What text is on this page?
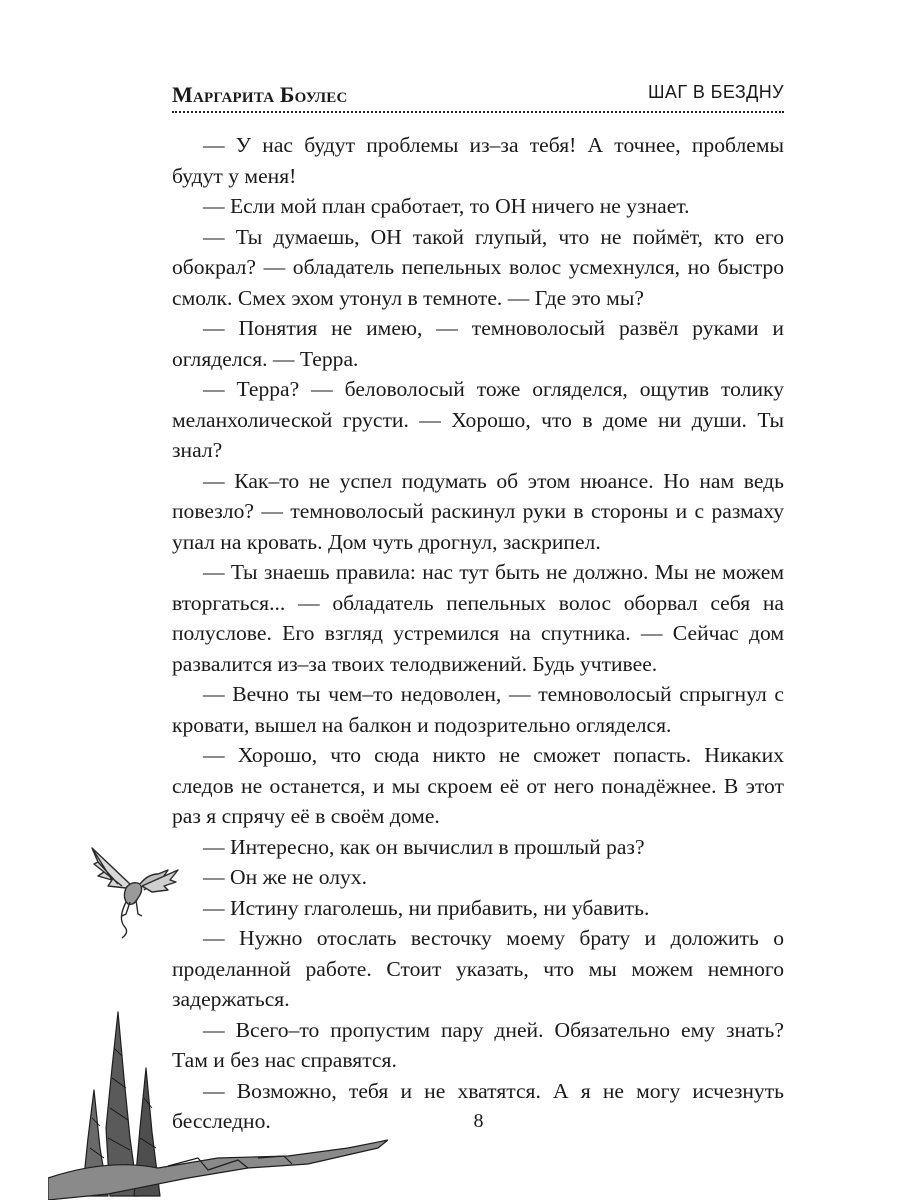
Маргарита Боулес	ШАГ В БЕЗДНУ

— У нас будут проблемы из–за тебя! А точнее, проблемы будут у меня!

— Если мой план сработает, то ОН ничего не узнает.

— Ты думаешь, ОН такой глупый, что не поймёт, кто его обокрал? — обладатель пепельных волос усмехнулся, но быстро смолк. Смех эхом утонул в темноте. — Где это мы?

— Понятия не имею, — темноволосый развёл руками и огляделся. — Терра.

— Терра? — беловолосый тоже огляделся, ощутив толику меланхолической грусти. — Хорошо, что в доме ни души. Ты знал?

— Как–то не успел подумать об этом нюансе. Но нам ведь повезло? — темноволосый раскинул руки в стороны и с размаху упал на кровать. Дом чуть дрогнул, заскрипел.

— Ты знаешь правила: нас тут быть не должно. Мы не можем вторгаться... — обладатель пепельных волос оборвал себя на полуслове. Его взгляд устремился на спутника. — Сейчас дом развалится из–за твоих телодвижений. Будь учтивее.

— Вечно ты чем–то недоволен, — темноволосый спрыгнул с кровати, вышел на балкон и подозрительно огляделся.

— Хорошо, что сюда никто не сможет попасть. Никаких следов не останется, и мы скроем её от него понадёжнее. В этот раз я спрячу её в своём доме.

— Интересно, как он вычислил в прошлый раз?

— Он же не олух.

— Истину глаголешь, ни прибавить, ни убавить.

— Нужно отослать весточку моему брату и доложить о проделанной работе. Стоит указать, что мы можем немного задержаться.

— Всего–то пропустим пару дней. Обязательно ему знать? Там и без нас справятся.

— Возможно, тебя и не хватятся. А я не могу исчезнуть бесследно.	8
